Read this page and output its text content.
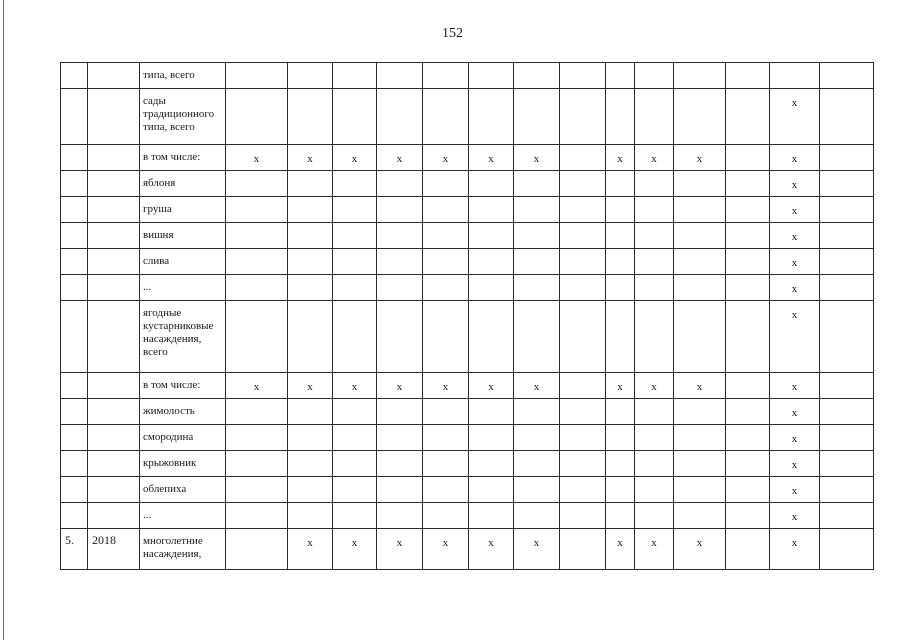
152
		типа, всего														
		сады традиционного типа, всего													x	
		в том числе:	x	x	x	x	x	x	x		x	x	x		x	
		яблоня													x	
		груша													x	
		вишня													x	
		слива													x	
		...													x	
		ягодные кустарниковые насаждения, всего													x	
		в том числе:	x	x	x	x	x	x	x		x	x	x		x	
		жимолость													x	
		смородина													x	
		крыжовник													x	
		облепиха													x	
		...													x	
5.	2018	многолетние насаждения,		x	x	x	x	x	x		x	x	x		x	
